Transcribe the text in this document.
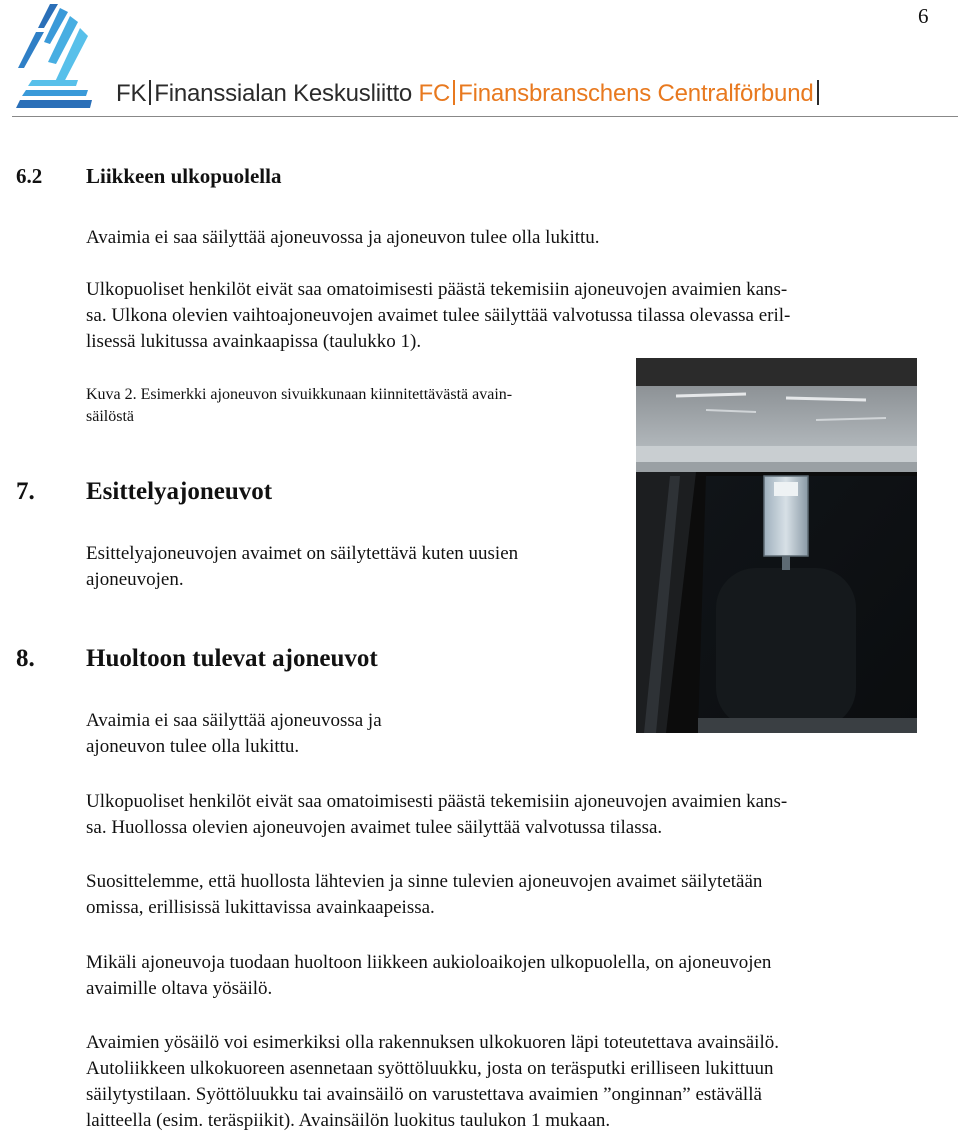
6
FK Finanssialan Keskusliitto FC Finansbranschens Centralförbund
6.2 Liikkeen ulkopuolella

Avaimia ei saa säilyttää ajoneuvossa ja ajoneuvon tulee olla lukittu.

Ulkopuoliset henkilöt eivät saa omatoimisesti päästä tekemisiin ajoneuvojen avaimien kans-

sa. Ulkona olevien vaihtoajoneuvojen avaimet tulee säilyttää valvotussa tilassa olevassa eril-

lisessä lukitussa avainkaapissa (taulukko 1).

Kuva 2. Esimerkki ajoneuvon sivuikkunaan kiinnitettävästä avain-

säilöstä

7. Esittelyajoneuvot

Esittelyajoneuvojen avaimet on säilytettävä kuten uusien

ajoneuvojen.

8. Huoltoon tulevat ajoneuvot

Avaimia ei saa säilyttää ajoneuvossa ja

ajoneuvon tulee olla lukittu.

Ulkopuoliset henkilöt eivät saa omatoimisesti päästä tekemisiin ajoneuvojen avaimien kans-

sa. Huollossa olevien ajoneuvojen avaimet tulee säilyttää valvotussa tilassa.

Suosittelemme, että huollosta lähtevien ja sinne tulevien ajoneuvojen avaimet säilytetään

omissa, erillisissä lukittavissa avainkaapeissa.

Mikäli ajoneuvoja tuodaan huoltoon liikkeen aukioloaikojen ulkopuolella, on ajoneuvojen

avaimille oltava yösäilö.

Avaimien yösäilö voi esimerkiksi olla rakennuksen ulkokuoren läpi toteutettava avainsäilö.

Autoliikkeen ulkokuoreen asennetaan syöttöluukku, josta on teräsputki erilliseen lukittuun

säilytystilaan. Syöttöluukku tai avainsäilö on varustettava avaimien ”onginnan” estävällä

laitteella (esim. teräspiikit). Avainsäilön luokitus taulukon 1 mukaan.
